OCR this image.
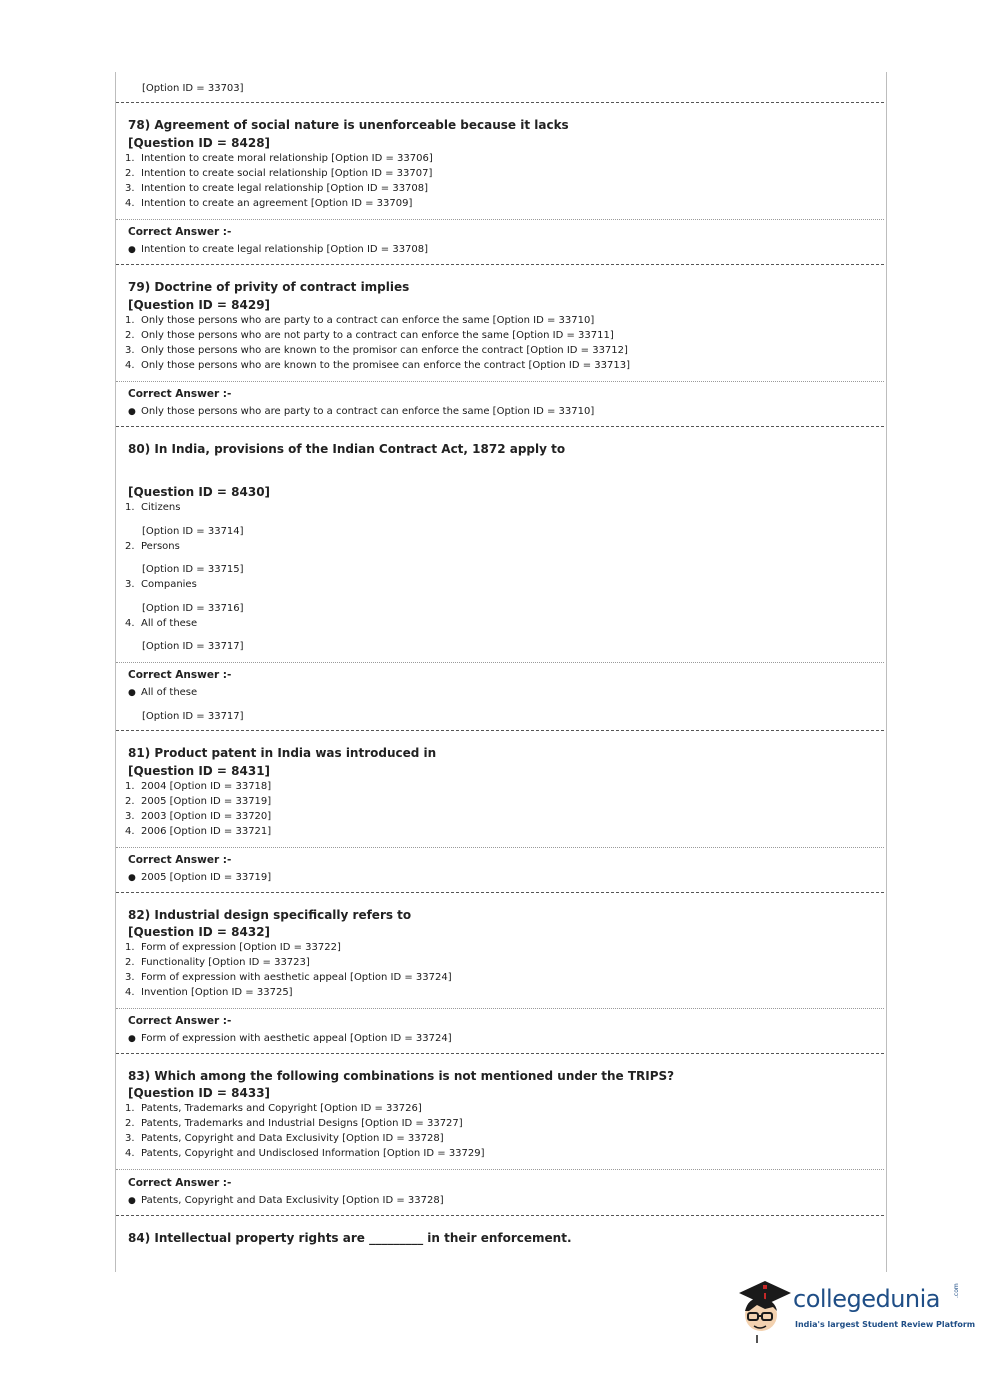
[Option ID = 33703]
78) Agreement of social nature is unenforceable because it lacks
[Question ID = 8428]
1. Intention to create moral relationship [Option ID = 33706]
2. Intention to create social relationship [Option ID = 33707]
3. Intention to create legal relationship [Option ID = 33708]
4. Intention to create an agreement [Option ID = 33709]
Correct Answer :-
● Intention to create legal relationship [Option ID = 33708]
79) Doctrine of privity of contract implies
[Question ID = 8429]
1. Only those persons who are party to a contract can enforce the same [Option ID = 33710]
2. Only those persons who are not party to a contract can enforce the same [Option ID = 33711]
3. Only those persons who are known to the promisor can enforce the contract [Option ID = 33712]
4. Only those persons who are known to the promisee can enforce the contract [Option ID = 33713]
Correct Answer :-
● Only those persons who are party to a contract can enforce the same [Option ID = 33710]
80) In India, provisions of the Indian Contract Act, 1872 apply to
[Question ID = 8430]
1. Citizens
[Option ID = 33714]
2. Persons
[Option ID = 33715]
3. Companies
[Option ID = 33716]
4. All of these
[Option ID = 33717]
Correct Answer :-
● All of these
[Option ID = 33717]
81) Product patent in India was introduced in
[Question ID = 8431]
1. 2004 [Option ID = 33718]
2. 2005 [Option ID = 33719]
3. 2003 [Option ID = 33720]
4. 2006 [Option ID = 33721]
Correct Answer :-
● 2005 [Option ID = 33719]
82) Industrial design specifically refers to
[Question ID = 8432]
1. Form of expression [Option ID = 33722]
2. Functionality [Option ID = 33723]
3. Form of expression with aesthetic appeal [Option ID = 33724]
4. Invention [Option ID = 33725]
Correct Answer :-
● Form of expression with aesthetic appeal [Option ID = 33724]
83) Which among the following combinations is not mentioned under the TRIPS?
[Question ID = 8433]
1. Patents, Trademarks and Copyright [Option ID = 33726]
2. Patents, Trademarks and Industrial Designs [Option ID = 33727]
3. Patents, Copyright and Data Exclusivity [Option ID = 33728]
4. Patents, Copyright and Undisclosed Information [Option ID = 33729]
Correct Answer :-
● Patents, Copyright and Data Exclusivity [Option ID = 33728]
84) Intellectual property rights are _________ in their enforcement.
collegedunia .com
India's largest Student Review Platform
